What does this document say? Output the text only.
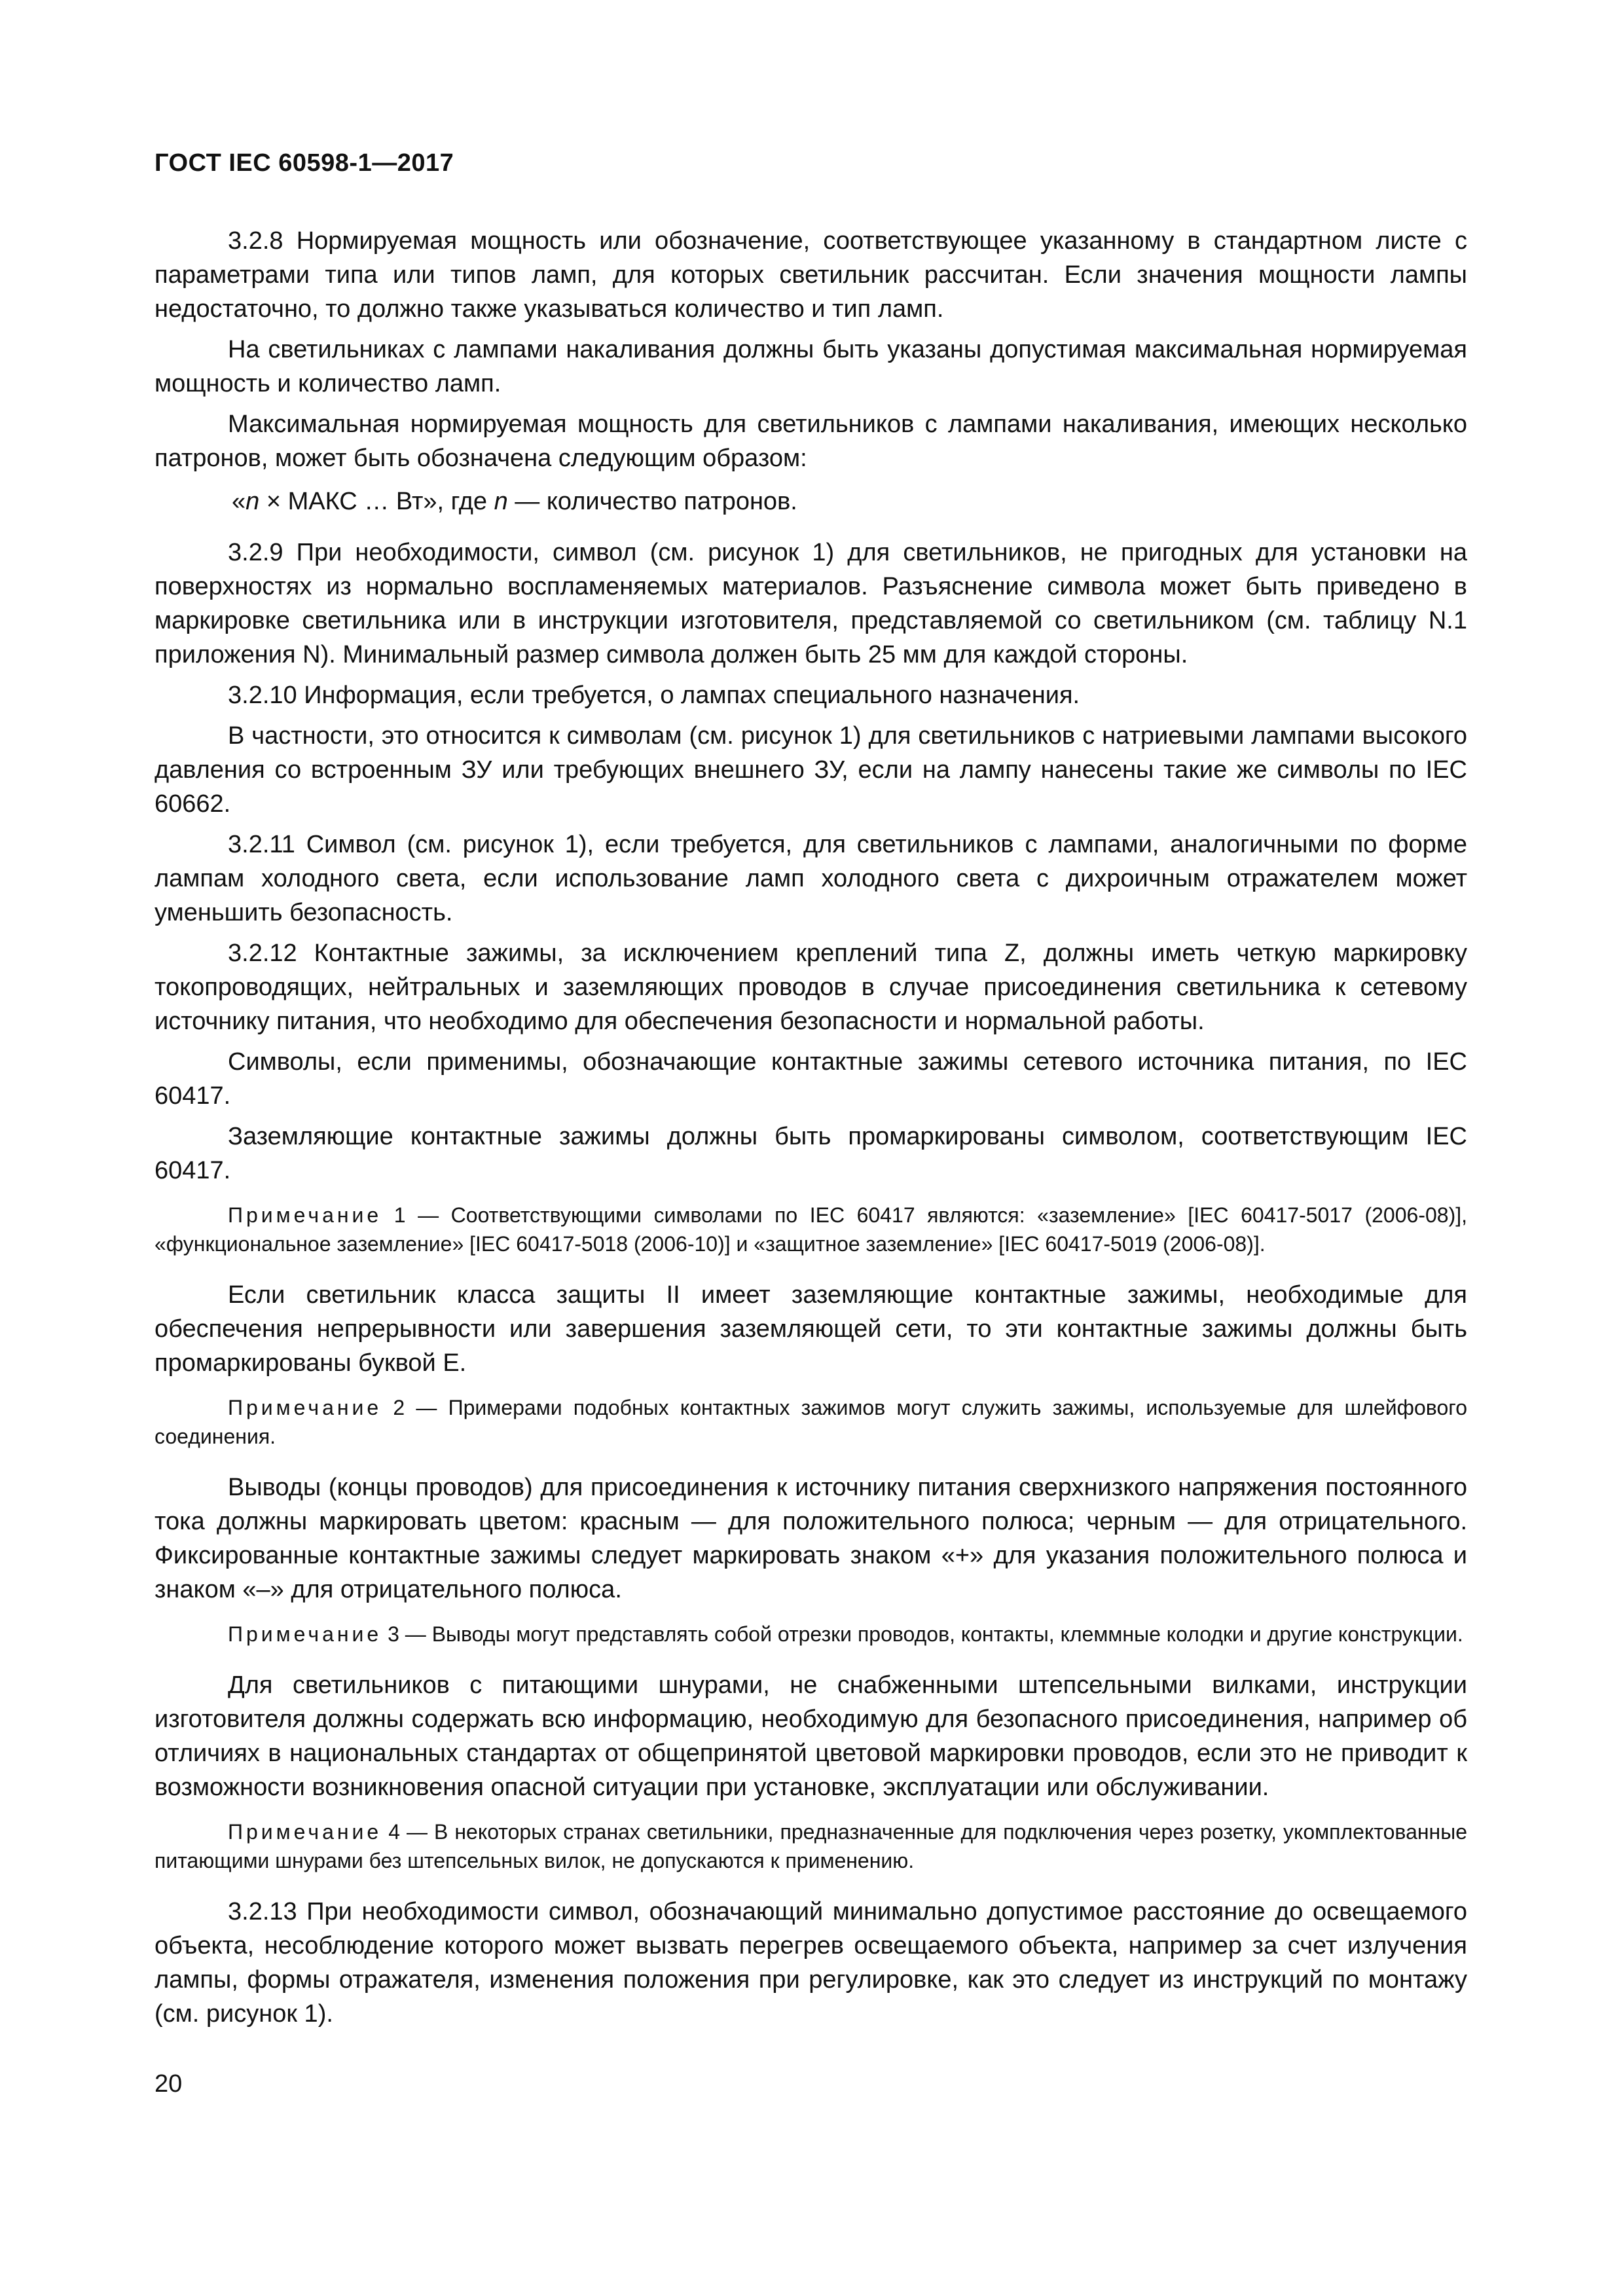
ГОСТ IEC 60598-1—2017

3.2.8 Нормируемая мощность или обозначение, соответствующее указанному в стандартном листе с параметрами типа или типов ламп, для которых светильник рассчитан. Если значения мощности лампы недостаточно, то должно также указываться количество и тип ламп.

На светильниках с лампами накаливания должны быть указаны допустимая максимальная нормируемая мощность и количество ламп.

Максимальная нормируемая мощность для светильников с лампами накаливания, имеющих несколько патронов, может быть обозначена следующим образом:

«n × МАКС … Вт», где n — количество патронов.

3.2.9 При необходимости, символ (см. рисунок 1) для светильников, не пригодных для установки на поверхностях из нормально воспламеняемых материалов. Разъяснение символа может быть приведено в маркировке светильника или в инструкции изготовителя, представляемой со светильником (см. таблицу N.1 приложения N). Минимальный размер символа должен быть 25 мм для каждой стороны.

3.2.10 Информация, если требуется, о лампах специального назначения.

В частности, это относится к символам (см. рисунок 1) для светильников с натриевыми лампами высокого давления со встроенным ЗУ или требующих внешнего ЗУ, если на лампу нанесены такие же символы по IEC 60662.

3.2.11 Символ (см. рисунок 1), если требуется, для светильников с лампами, аналогичными по форме лампам холодного света, если использование ламп холодного света с дихроичным отражателем может уменьшить безопасность.

3.2.12 Контактные зажимы, за исключением креплений типа Z, должны иметь четкую маркировку токопроводящих, нейтральных и заземляющих проводов в случае присоединения светильника к сетевому источнику питания, что необходимо для обеспечения безопасности и нормальной работы.

Символы, если применимы, обозначающие контактные зажимы сетевого источника питания, по IEC 60417.

Заземляющие контактные зажимы должны быть промаркированы символом, соответствующим IEC 60417.

Примечание 1 — Соответствующими символами по IEC 60417 являются: «заземление» [IEC 60417-5017 (2006-08)], «функциональное заземление» [IEC 60417-5018 (2006-10)] и «защитное заземление» [IEC 60417-5019 (2006-08)].

Если светильник класса защиты II имеет заземляющие контактные зажимы, необходимые для обеспечения непрерывности или завершения заземляющей сети, то эти контактные зажимы должны быть промаркированы буквой E.

Примечание 2 — Примерами подобных контактных зажимов могут служить зажимы, используемые для шлейфового соединения.

Выводы (концы проводов) для присоединения к источнику питания сверхнизкого напряжения постоянного тока должны маркировать цветом: красным — для положительного полюса; черным — для отрицательного. Фиксированные контактные зажимы следует маркировать знаком «+» для указания положительного полюса и знаком «–» для отрицательного полюса.

Примечание 3 — Выводы могут представлять собой отрезки проводов, контакты, клеммные колодки и другие конструкции.

Для светильников с питающими шнурами, не снабженными штепсельными вилками, инструкции изготовителя должны содержать всю информацию, необходимую для безопасного присоединения, например об отличиях в национальных стандартах от общепринятой цветовой маркировки проводов, если это не приводит к возможности возникновения опасной ситуации при установке, эксплуатации или обслуживании.

Примечание 4 — В некоторых странах светильники, предназначенные для подключения через розетку, укомплектованные питающими шнурами без штепсельных вилок, не допускаются к применению.

3.2.13 При необходимости символ, обозначающий минимально допустимое расстояние до освещаемого объекта, несоблюдение которого может вызвать перегрев освещаемого объекта, например за счет излучения лампы, формы отражателя, изменения положения при регулировке, как это следует из инструкций по монтажу (см. рисунок 1).

20
